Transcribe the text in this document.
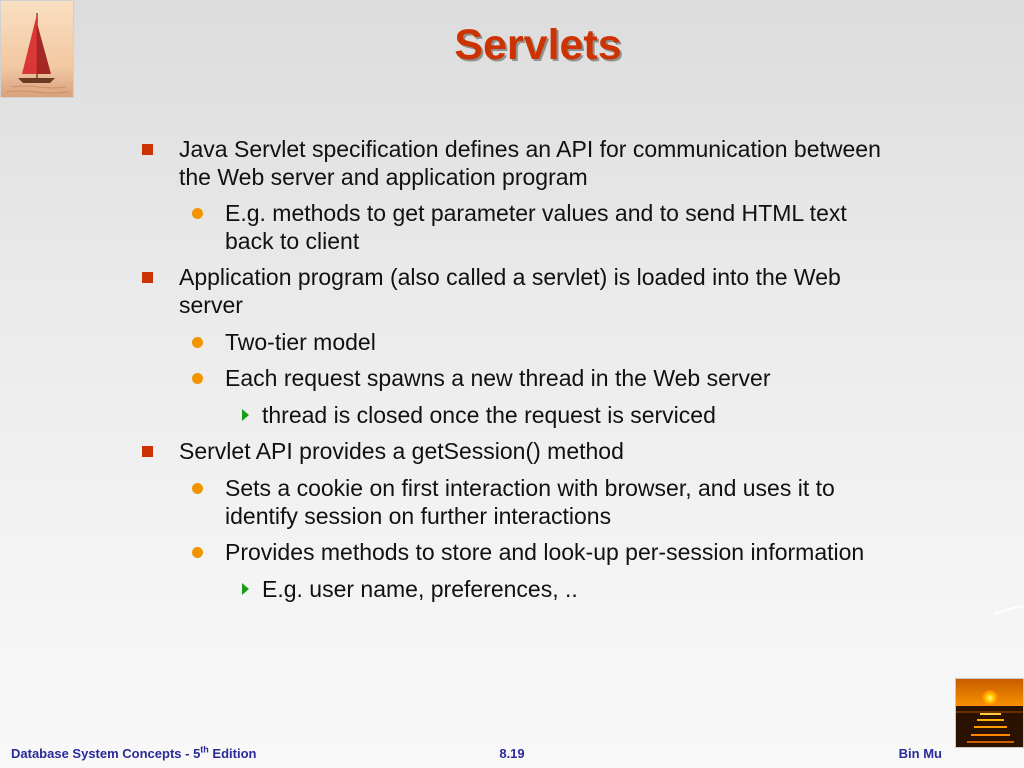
Servlets
Java Servlet specification defines an API for communication between the Web server and application program
E.g. methods to get parameter values and to send HTML text back to client
Application program (also called a servlet) is loaded into the Web server
Two-tier model
Each request spawns a new thread in the Web server
thread is closed once the request is serviced
Servlet API provides a getSession() method
Sets a cookie on first interaction with browser, and uses it to identify session on further interactions
Provides methods to store and look-up per-session information
E.g. user name, preferences, ..
Database System Concepts - 5th Edition	8.19	Bin Mu
